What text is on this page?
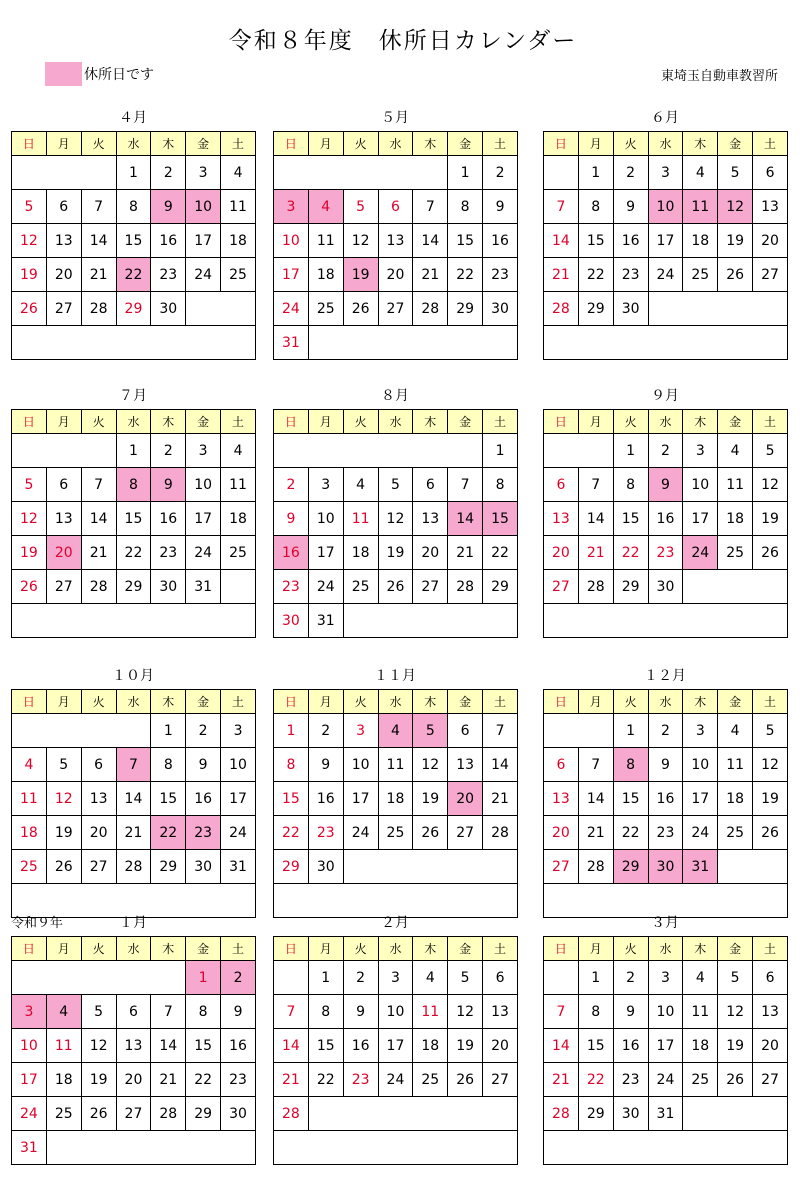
令和８年度　休所日カレンダー
休所日です	東埼玉自動車教習所
４月
日	月	火	水	木	金	土
			1	2	3	4
5	6	7	8	9	10	11
12	13	14	15	16	17	18
19	20	21	22	23	24	25
26	27	28	29	30		

５月
日	月	火	水	木	金	土
					1	2
3	4	5	6	7	8	9
10	11	12	13	14	15	16
17	18	19	20	21	22	23
24	25	26	27	28	29	30
31						
６月
日	月	火	水	木	金	土
	1	2	3	4	5	6
7	8	9	10	11	12	13
14	15	16	17	18	19	20
21	22	23	24	25	26	27
28	29	30				

７月
日	月	火	水	木	金	土
			1	2	3	4
5	6	7	8	9	10	11
12	13	14	15	16	17	18
19	20	21	22	23	24	25
26	27	28	29	30	31	

８月
日	月	火	水	木	金	土
						1
2	3	4	5	6	7	8
9	10	11	12	13	14	15
16	17	18	19	20	21	22
23	24	25	26	27	28	29
30	31					
９月
日	月	火	水	木	金	土
		1	2	3	4	5
6	7	8	9	10	11	12
13	14	15	16	17	18	19
20	21	22	23	24	25	26
27	28	29	30			

１０月
日	月	火	水	木	金	土
				1	2	3
4	5	6	7	8	9	10
11	12	13	14	15	16	17
18	19	20	21	22	23	24
25	26	27	28	29	30	31

１１月
日	月	火	水	木	金	土
1	2	3	4	5	6	7
8	9	10	11	12	13	14
15	16	17	18	19	20	21
22	23	24	25	26	27	28
29	30					

１２月
日	月	火	水	木	金	土
		1	2	3	4	5
6	7	8	9	10	11	12
13	14	15	16	17	18	19
20	21	22	23	24	25	26
27	28	29	30	31		

令和９年	１月
日	月	火	水	木	金	土
					1	2
3	4	5	6	7	8	9
10	11	12	13	14	15	16
17	18	19	20	21	22	23
24	25	26	27	28	29	30
31						
２月
日	月	火	水	木	金	土
	1	2	3	4	5	6
7	8	9	10	11	12	13
14	15	16	17	18	19	20
21	22	23	24	25	26	27
28						

３月
日	月	火	水	木	金	土
	1	2	3	4	5	6
7	8	9	10	11	12	13
14	15	16	17	18	19	20
21	22	23	24	25	26	27
28	29	30	31			
